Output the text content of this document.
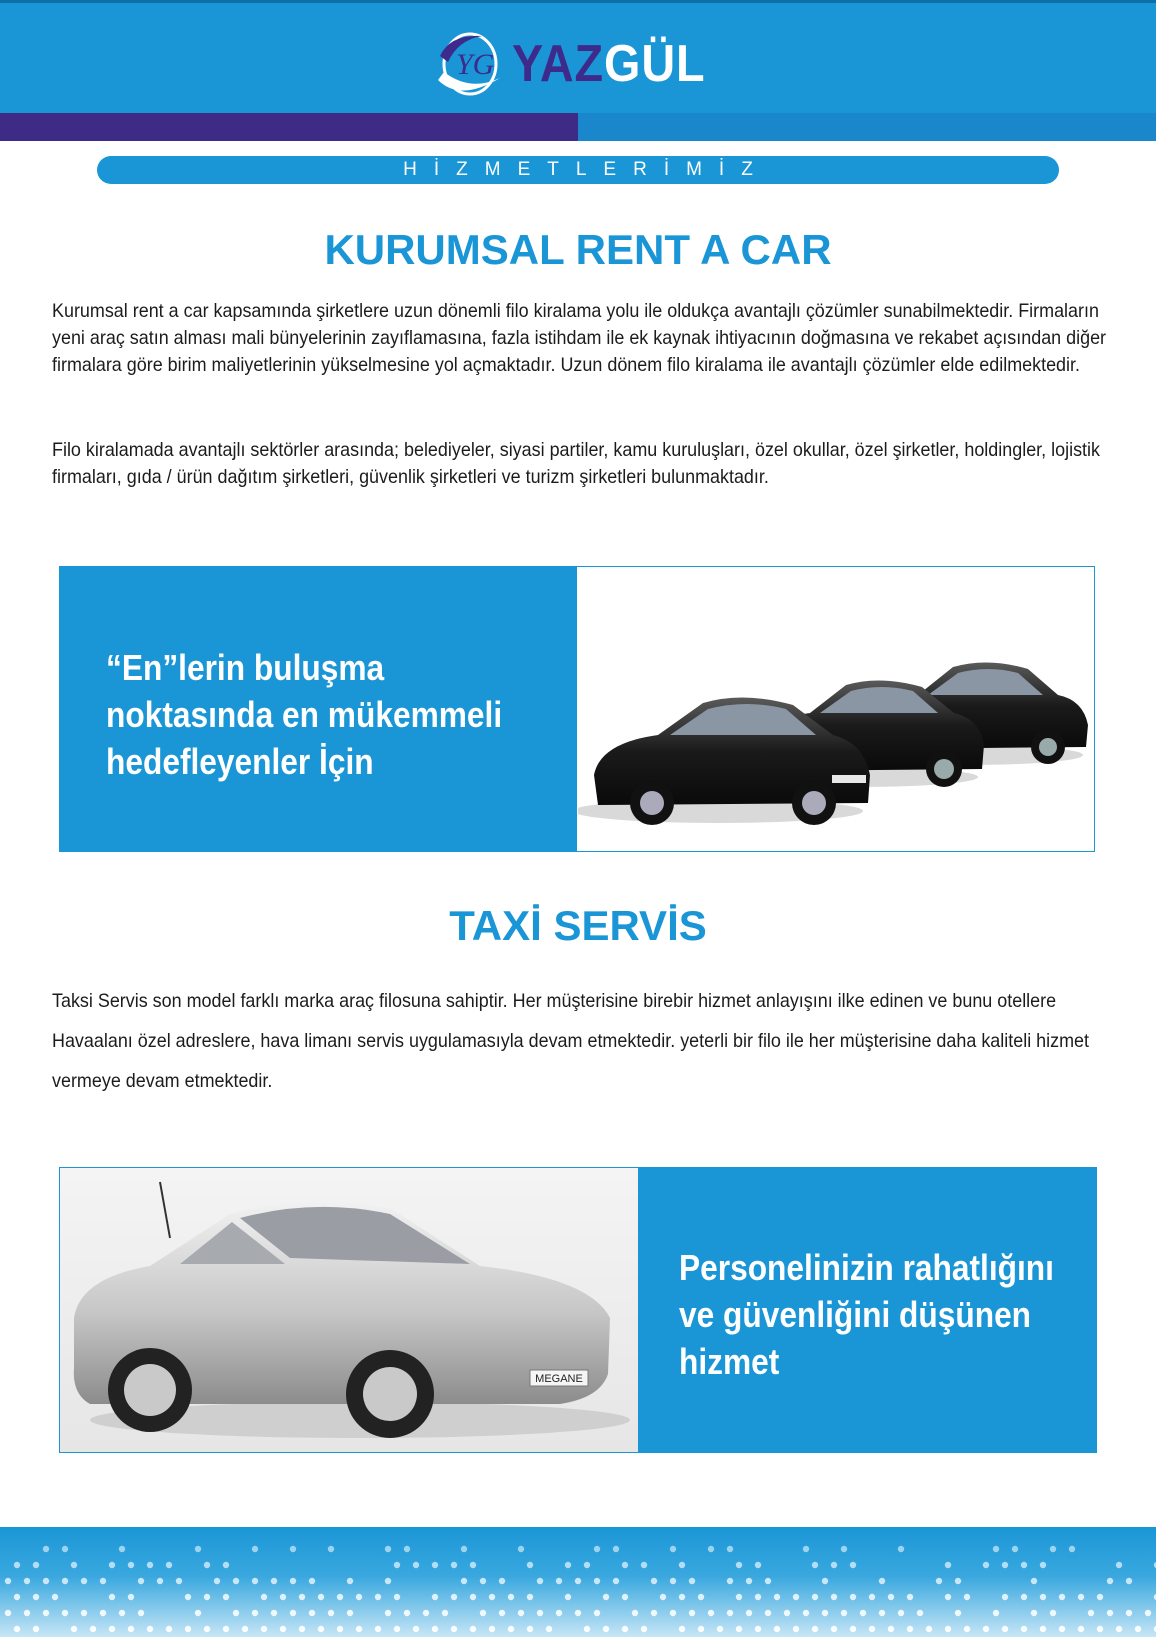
YG YAZGÜL
HİZMETLERİMİZ
KURUMSAL RENT A CAR
Kurumsal rent a car kapsamında şirketlere uzun dönemli filo kiralama yolu ile oldukça avantajlı çözümler sunabilmektedir. Firmaların yeni araç satın alması mali bünyelerinin zayıflamasına, fazla istihdam ile ek kaynak ihtiyacının doğmasına ve rekabet açısından diğer firmalara göre birim maliyetlerinin yükselmesine yol açmaktadır. Uzun dönem filo kiralama ile avantajlı çözümler elde edilmektedir.
Filo kiralamada avantajlı sektörler arasında; belediyeler, siyasi partiler, kamu kuruluşları, özel okullar, özel şirketler, holdingler, lojistik firmaları, gıda / ürün dağıtım şirketleri, güvenlik şirketleri ve turizm şirketleri bulunmaktadır.
“En”lerin buluşma
noktasında en mükemmeli
hedefleyenler İçin
TAXİ SERVİS
Taksi Servis son model farklı marka araç filosuna sahiptir. Her müşterisine birebir hizmet anlayışını ilke edinen ve bunu otellere Havaalanı özel adreslere, hava limanı servis uygulamasıyla devam etmektedir. yeterli bir filo ile her müşterisine daha kaliteli hizmet vermeye devam etmektedir.
MEGANE
Personelinizin rahatlığını
ve güvenliğini düşünen
hizmet
